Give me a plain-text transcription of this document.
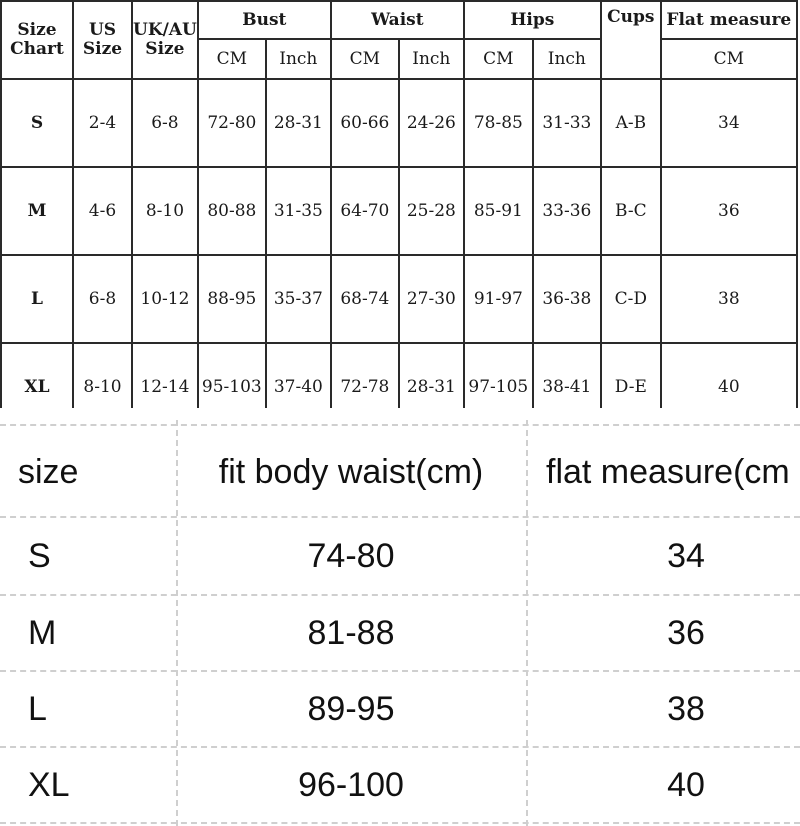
Size Chart	US Size	UK/AU Size	Bust		Waist		Hips		Cups	Flat measure
			CM	Inch	CM	Inch	CM	Inch		CM
S	2-4	6-8	72-80	28-31	60-66	24-26	78-85	31-33	A-B	34
M	4-6	8-10	80-88	31-35	64-70	25-28	85-91	33-36	B-C	36
L	6-8	10-12	88-95	35-37	68-74	27-30	91-97	36-38	C-D	38
XL	8-10	12-14	95-103	37-40	72-78	28-31	97-105	38-41	D-E	40
size	fit body waist(cm)	flat measure(cm
S	74-80	34
M	81-88	36
L	89-95	38
XL	96-100	40
